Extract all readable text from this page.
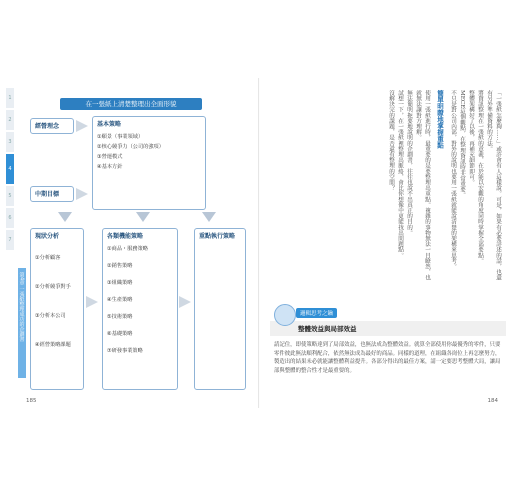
1
2
3
4
5
6
7
第4章 一張紙整理成功的企劃書
在一張紙上清楚整理出全面形貌
經營理念
中期目標
基本策略
①願景（事業領域）
②核心競爭力（公司的強項）
③營運模式
④基本方針
現狀分析
①分析顧客
②分析競爭對手
③分析本公司
④經營策略課題
各類機能策略
①商品・服務策略
②銷售策略
③組織策略
④生產策略
⑤技術策略
⑥基礎策略
⑦研發事業策略
重點執行策略
185

「一張紙怎麼夠……」或許會有人這樣說。可是，如果有必要詳述的話，也還有另外準備資料的方法。

將資訊整理在一張紙的意義，在於能以宏觀的角度同時掌握全部要點。

整體架構好了以後，再補充細節即可。

MECE這個觀點，在整理資訊時非常重要。

不只是對公司內部，對外的說明也要用一張紙就能說清楚的架構來思考。

簡單明瞭地掌握重點

使用一張紙進行時，最重要的是要整理出重點。複雜的事物無法一目瞭然，也就無法讓對方理解。

無法簡明扼要地說明的企劃書，往往也說不出真正的目的。

試想一下，在一張紙裡整理出脈絡，會比你想像中更能找出問題點。

沒解決完的課題，是否還有整理的空間？

邏輯思考之鑰
整體效益與局部效益
請記住，即使策略達到了局部效益，也無法成為整體效益。就算全部使用你最優秀的零件，只要零件彼此無法順利配合，依然無法成為最好的商品。同樣的道理，在組織各崗位上再怎麼努力，製造出的結果未必就能讓整體利益提升。各部分得出的最佳方案，請一定要思考整體大局，讓局部與整體的整合性才是最重要的。
184
